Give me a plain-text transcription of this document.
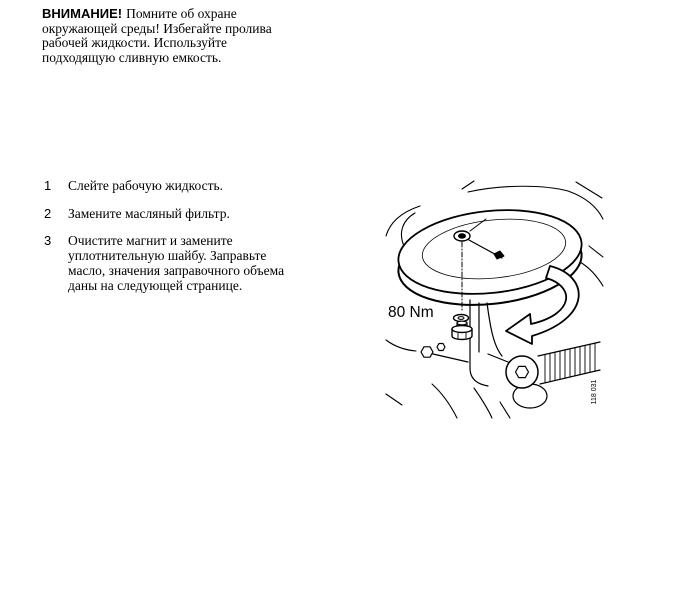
ВНИМАНИЕ! Помните об охране
окружающей среды! Избегайте пролива
рабочей жидкости. Используйте
подходящую сливную емкость.
1	Слейте рабочую жидкость.
2	Замените масляный фильтр.
3	Очистите магнит и замените
уплотнительную шайбу. Заправьте
масло, значения заправочного объема
даны на следующей странице.
80 Nm
118 031
